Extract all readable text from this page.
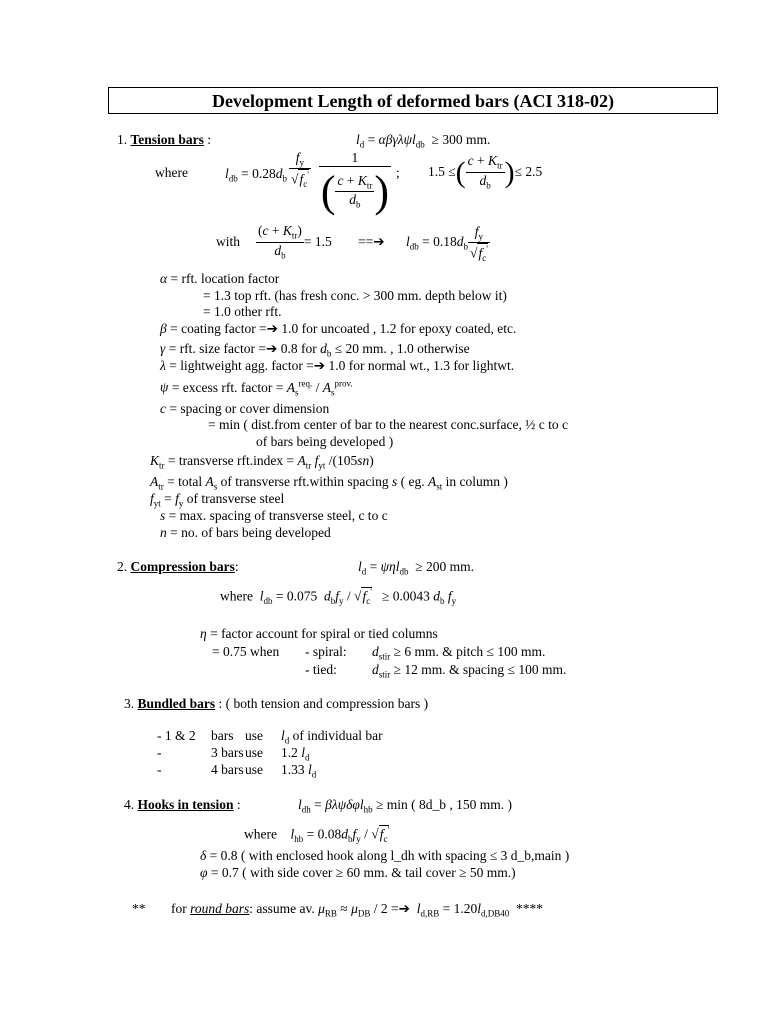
Development Length of deformed bars (ACI 318-02)
1. Tension bars :	$l_d = \alpha\beta\gamma\lambda\psi l_{db} \ge 300$ mm.
where	$l_{db} = 0.28d_b \frac{f_y}{√f_c'} \frac{1}{( \frac{c + K_{tr}}{d_b} )}$ ; 1.5 ≤ ( $\frac{c + K_{tr}}{d_b}$ ) ≤ 2.5
with $\frac{(c + K_{tr})}{d_b} = 1.5$ ==➔ $l_{db} = 0.18d_b \frac{f_y}{√f_c'}$
α = rft. location factor
= 1.3 top rft. (has fresh conc. > 300 mm. depth below it)
= 1.0 other rft.
β = coating factor =➔ 1.0 for uncoated , 1.2 for epoxy coated, etc.
γ = rft. size factor =➔ 0.8 for $d_b \le 20$ mm. , 1.0 otherwise
λ = lightweight agg. factor =➔ 1.0 for normal wt., 1.3 for lightwt.
ψ = excess rft. factor = $A_s^{req.} / A_s^{prov.}$
c = spacing or cover dimension
= min ( dist.from center of bar to the nearest conc.surface, ½ c to c
of bars being developed )
$K_{tr}$ = transverse rft.index = $A_{tr}$ $f_{yt}$ /(105sn)
$A_{tr}$ = total $A_s$ of transverse rft.within spacing s ( eg. $A_{st}$ in column )
$f_{yt} = f_y$ of transverse steel
s = max. spacing of transverse steel, c to c
n = no. of bars being developed
2. Compression bars:	$l_d = \psi\eta l_{db} \ge 200$ mm.
where $l_{db} = 0.075$ $d_bf_y / √f_c' \ge 0.0043$ $d_b$ $f_y$
η = factor account for spiral or tied columns
= 0.75 when - spiral: $d_{stir} \ge 6$ mm. & pitch ≤ 100 mm.
- tied:	$d_{stir} \ge 12$ mm. & spacing ≤ 100 mm.
3. Bundled bars : ( both tension and compression bars )
- 1 & 2 bars use $l_d$ of individual bar
-	3 barsuse 1.2 $l_d$
-	4 barsuse 1.33 $l_d$
4. Hooks in tension :	$l_{dh} = \beta\lambda\psi\delta\varphi l_{hb} \ge \min$ ( 8d_b , 150 mm. )
where $l_{hb} = 0.08d_bf_y / √f_c'$
δ = 0.8 ( with enclosed hook along l_dh with spacing ≤ 3 d_b,main )
φ = 0.7 ( with side cover ≥ 60 mm. & tail cover ≥ 50 mm.)
** for round bars: assume av. $\mu_{RB} \approx \mu_{DB} / 2$ =➔ $l_{d,RB} = 1.20l_{d,DB40}$ ****
